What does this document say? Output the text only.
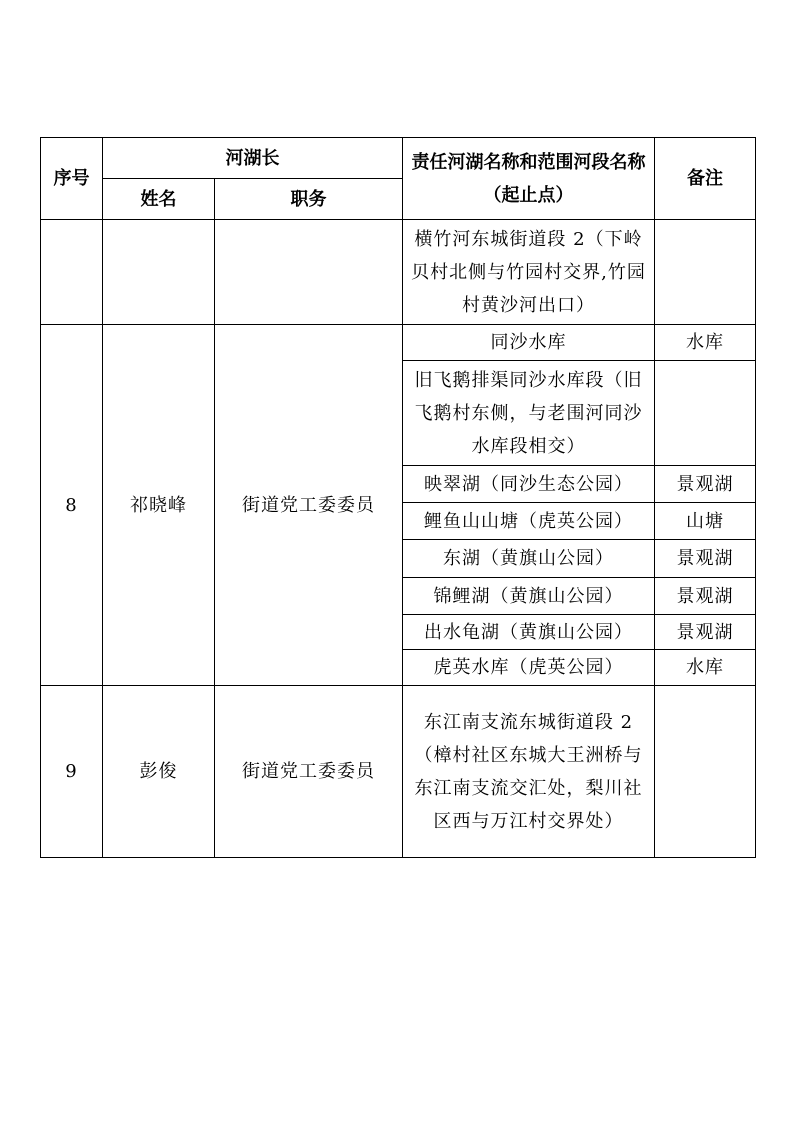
序号	河湖长		责任河湖名称和范围河段名称（起止点）	备注
	姓名	职务		
			横竹河东城街道段 2（下岭贝村北侧与竹园村交界,竹园村黄沙河出口）	
8	祁晓峰	街道党工委委员	同沙水库	水库
			旧飞鹅排渠同沙水库段（旧飞鹅村东侧，与老围河同沙水库段相交）	
			映翠湖（同沙生态公园）	景观湖
			鲤鱼山山塘（虎英公园）	山塘
			东湖（黄旗山公园）	景观湖
			锦鲤湖（黄旗山公园）	景观湖
			出水龟湖（黄旗山公园）	景观湖
			虎英水库（虎英公园）	水库
9	彭俊	街道党工委委员	东江南支流东城街道段 2（樟村社区东城大王洲桥与东江南支流交汇处，梨川社区西与万江村交界处）	
